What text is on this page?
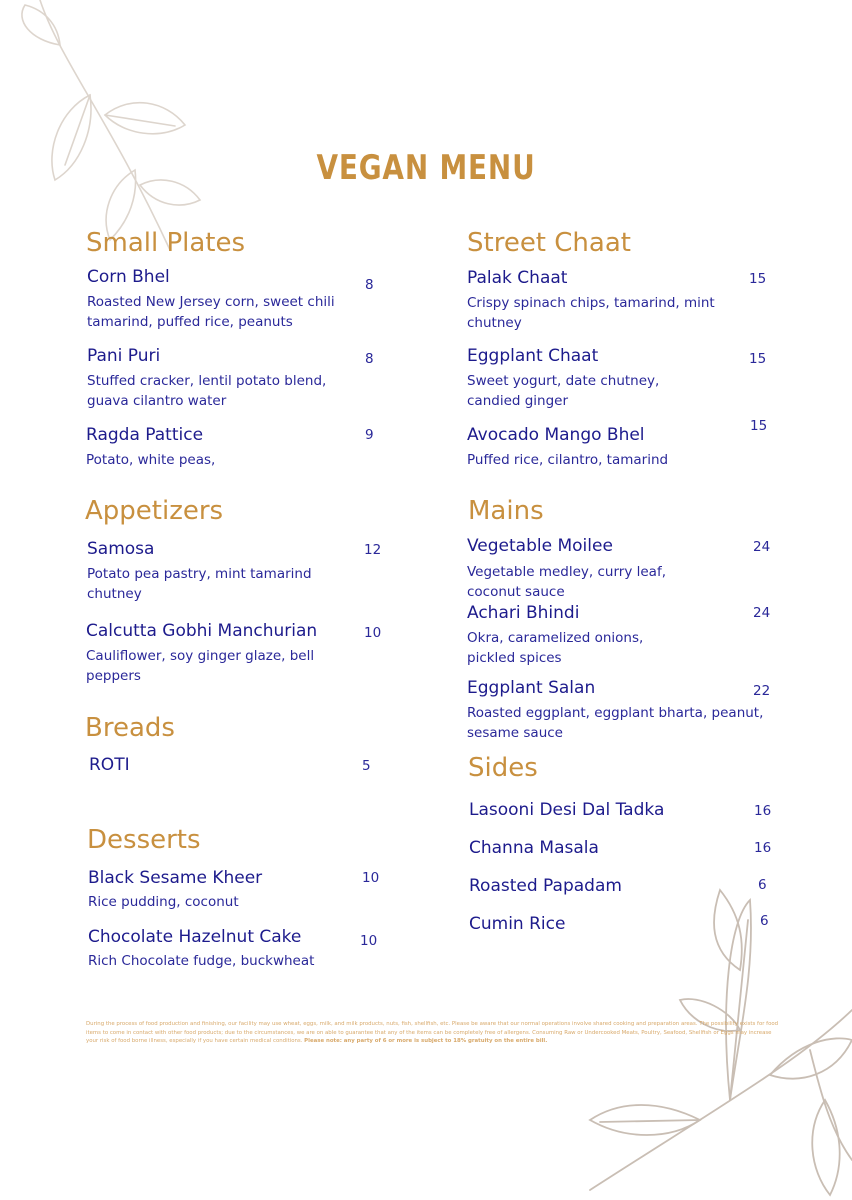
VEGAN MENU
Small Plates
Corn Bhel	8
Roasted New Jersey corn, sweet chili tamarind, puffed rice, peanuts
Pani Puri	8
Stuffed cracker, lentil potato blend, guava cilantro water
Ragda Pattice	9
Potato, white peas,
Appetizers
Samosa	12
Potato pea pastry, mint tamarind chutney
Calcutta Gobhi Manchurian	10
Cauliflower, soy ginger glaze, bell peppers
Breads
ROTI	5
Desserts
Black Sesame Kheer	10
Rice pudding, coconut
Chocolate Hazelnut Cake	10
Rich Chocolate fudge, buckwheat
Street Chaat
Palak Chaat	15
Crispy spinach chips, tamarind, mint chutney
Eggplant Chaat	15
Sweet yogurt, date chutney, candied ginger
Avocado Mango Bhel	15
Puffed rice, cilantro, tamarind
Mains
Vegetable Moilee	24
Vegetable medley, curry leaf, coconut sauce
Achari Bhindi	24
Okra, caramelized onions, pickled spices
Eggplant Salan	22
Roasted eggplant, eggplant bharta, peanut, sesame sauce
Sides
Lasooni Desi Dal Tadka	16
Channa Masala	16
Roasted Papadam	6
Cumin Rice	6
During the process of food production and finishing, our facility may use wheat, eggs, milk, and milk products, nuts, fish, shellfish, etc. Please be aware that our normal operations involve shared cooking and preparation areas. The possibility exists for food items to come in contact with other food products; due to the circumstances, we are on able to guarantee that any of the items can be completely free of allergens. Consuming Raw or Undercooked Meats, Poultry, Seafood, Shellfish or Eggs may increase your risk of food borne illness, especially if you have certain medical conditions. Please note: any party of 6 or more is subject to 18% gratuity on the entire bill.
